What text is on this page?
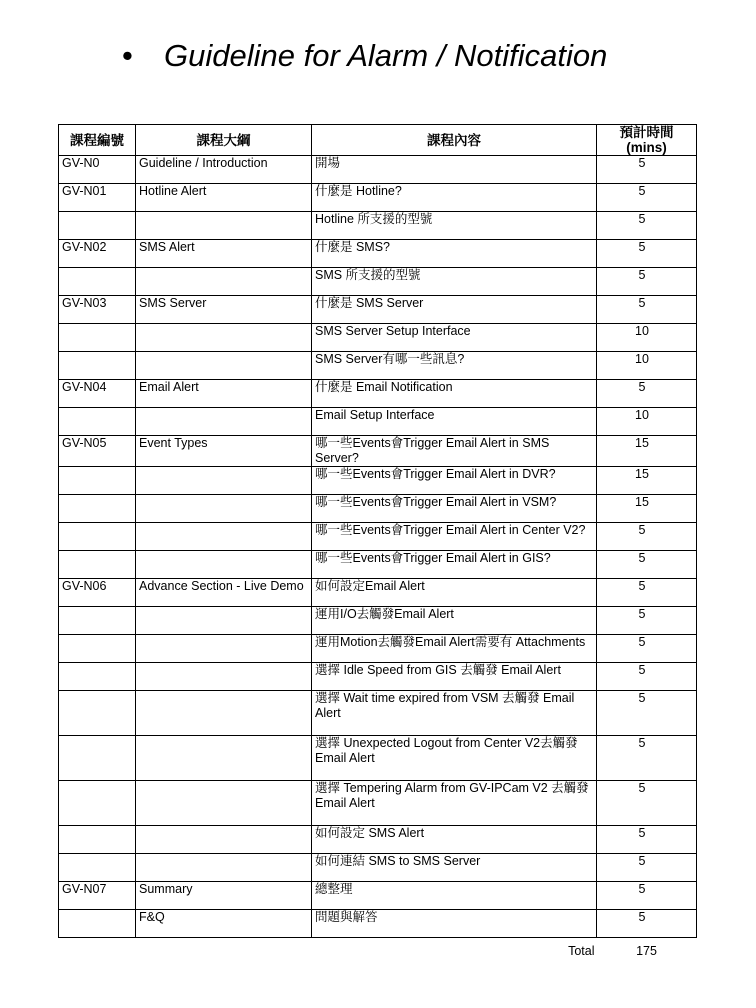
• Guideline for Alarm / Notification
課程編號	課程大綱	課程內容	預計時間(mins)
GV-N0	Guideline / Introduction	開場	5
GV-N01	Hotline Alert	什麼是 Hotline?	5
		Hotline 所支援的型號	5
GV-N02	SMS Alert	什麼是 SMS?	5
		SMS 所支援的型號	5
GV-N03	SMS Server	什麼是 SMS Server	5
		SMS Server Setup Interface	10
		SMS Server有哪一些訊息?	10
GV-N04	Email Alert	什麼是 Email Notification	5
		Email Setup Interface	10
GV-N05	Event Types	哪一些Events會Trigger Email Alert in SMS Server?	15
		哪一些Events會Trigger Email Alert in DVR?	15
		哪一些Events會Trigger Email Alert in VSM?	15
		哪一些Events會Trigger Email Alert in Center V2?	5
		哪一些Events會Trigger Email Alert in GIS?	5
GV-N06	Advance Section - Live Demo	如何設定Email Alert	5
		運用I/O去觸發Email Alert	5
		運用Motion去觸發Email Alert需要有 Attachments	5
		選擇 Idle Speed from GIS 去觸發 Email Alert	5
		選擇 Wait time expired from VSM 去觸發 Email Alert	5
		選擇 Unexpected Logout from Center V2去觸發 Email Alert	5
		選擇 Tempering Alarm from GV-IPCam V2 去觸發 Email Alert	5
		如何設定 SMS Alert	5
		如何連結 SMS to SMS Server	5
GV-N07	Summary	總整理	5
	F&Q	問題與解答	5
		Total	175
